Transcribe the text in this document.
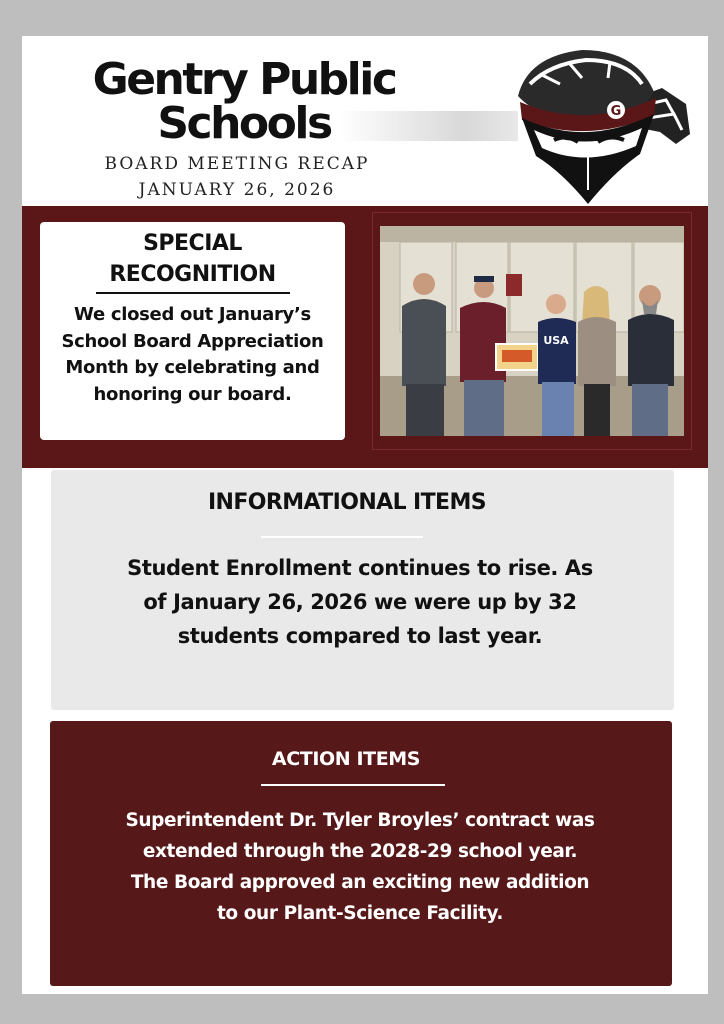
Gentry Public
Schools
BOARD MEETING RECAP
JANUARY 26, 2026
G
SPECIAL
RECOGNITION
We closed out January’s School Board Appreciation Month by celebrating and honoring our board.
USA
INFORMATIONAL ITEMS
Student Enrollment continues to rise. As of January 26, 2026 we were up by 32 students compared to last year.
ACTION ITEMS
Superintendent Dr. Tyler Broyles’ contract was extended through the 2028-29 school year.
The Board approved an exciting new addition to our Plant-Science Facility.
